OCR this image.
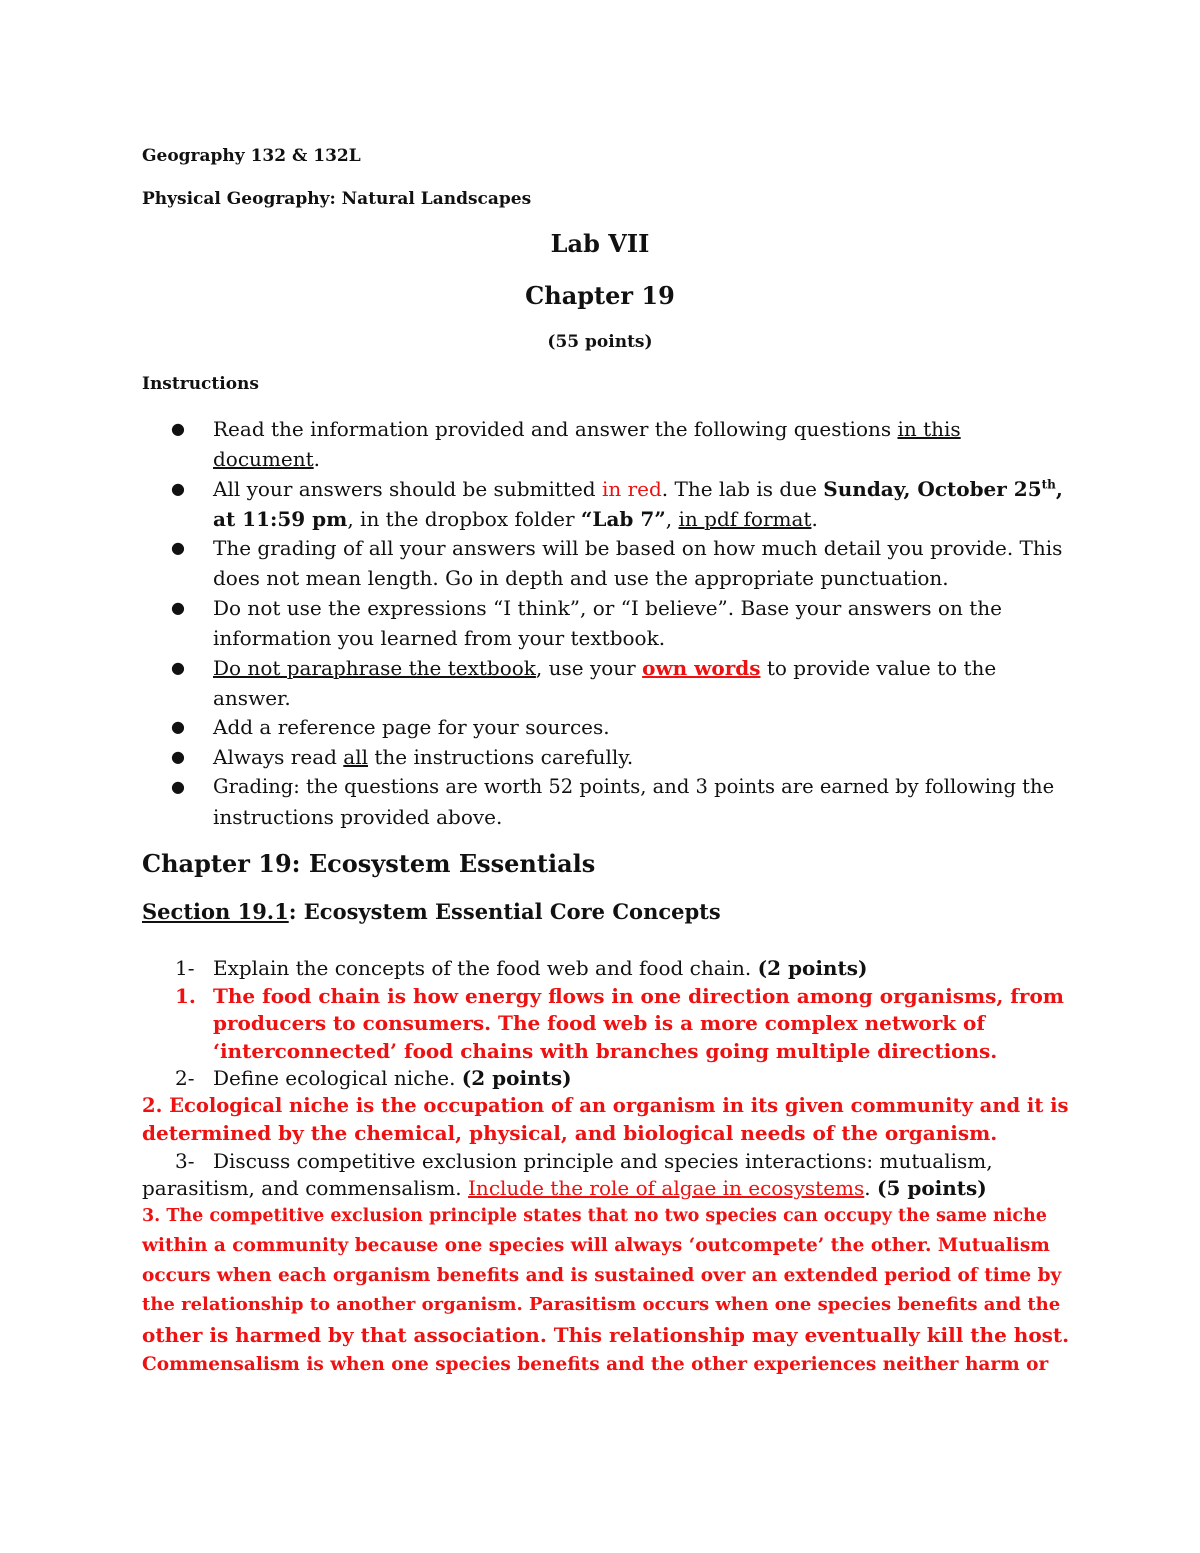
Geography 132 & 132L
Physical Geography: Natural Landscapes
Lab VII
Chapter 19
(55 points)
Instructions
● Read the information provided and answer the following questions in this
document.
● All your answers should be submitted in red. The lab is due Sunday, October 25th,
at 11:59 pm, in the dropbox folder “Lab 7”, in pdf format.
● The grading of all your answers will be based on how much detail you provide. This
does not mean length. Go in depth and use the appropriate punctuation.
● Do not use the expressions “I think”, or “I believe”. Base your answers on the
information you learned from your textbook.
● Do not paraphrase the textbook, use your own words to provide value to the
answer.
● Add a reference page for your sources.
● Always read all the instructions carefully.
● Grading: the questions are worth 52 points, and 3 points are earned by following the
instructions provided above.
Chapter 19: Ecosystem Essentials
Section 19.1: Ecosystem Essential Core Concepts
1- Explain the concepts of the food web and food chain. (2 points)
1. The food chain is how energy flows in one direction among organisms, from
producers to consumers. The food web is a more complex network of
‘interconnected’ food chains with branches going multiple directions.
2- Define ecological niche. (2 points)
2. Ecological niche is the occupation of an organism in its given community and it is
determined by the chemical, physical, and biological needs of the organism.
3- Discuss competitive exclusion principle and species interactions: mutualism,
parasitism, and commensalism. Include the role of algae in ecosystems. (5 points)
3. The competitive exclusion principle states that no two species can occupy the same niche
within a community because one species will always ‘outcompete’ the other. Mutualism
occurs when each organism benefits and is sustained over an extended period of time by
the relationship to another organism. Parasitism occurs when one species benefits and the
other is harmed by that association. This relationship may eventually kill the host.
Commensalism is when one species benefits and the other experiences neither harm or
